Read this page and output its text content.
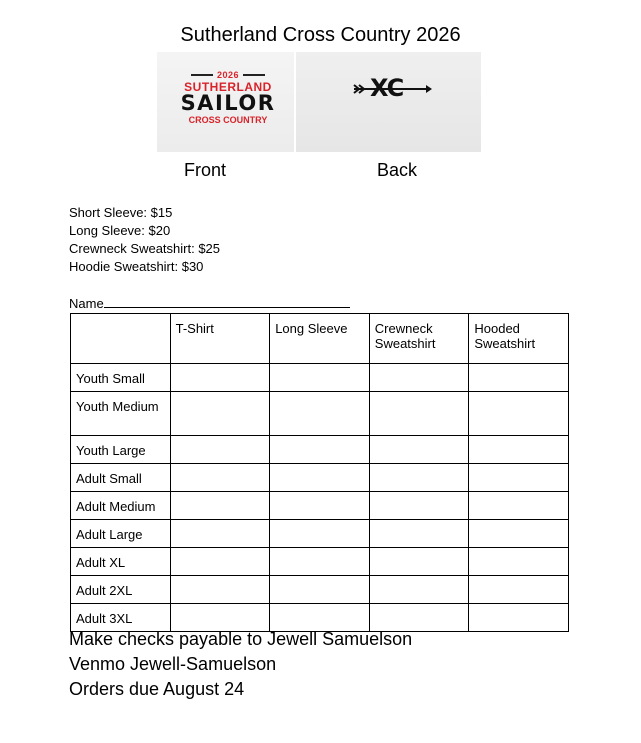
Sutherland Cross Country 2026
2026
SUTHERLAND
SAILOR
CROSS COUNTRY
XC
Front	Back
Short Sleeve: $15
Long Sleeve: $20
Crewneck Sweatshirt: $25
Hoodie Sweatshirt: $30
Name
	T-Shirt	Long Sleeve	Crewneck Sweatshirt	Hooded Sweatshirt
Youth Small				
Youth Medium				
Youth Large				
Adult Small				
Adult Medium				
Adult Large				
Adult XL				
Adult 2XL				
Adult 3XL				
Make checks payable to Jewell Samuelson
Venmo Jewell-Samuelson
Orders due August 24
